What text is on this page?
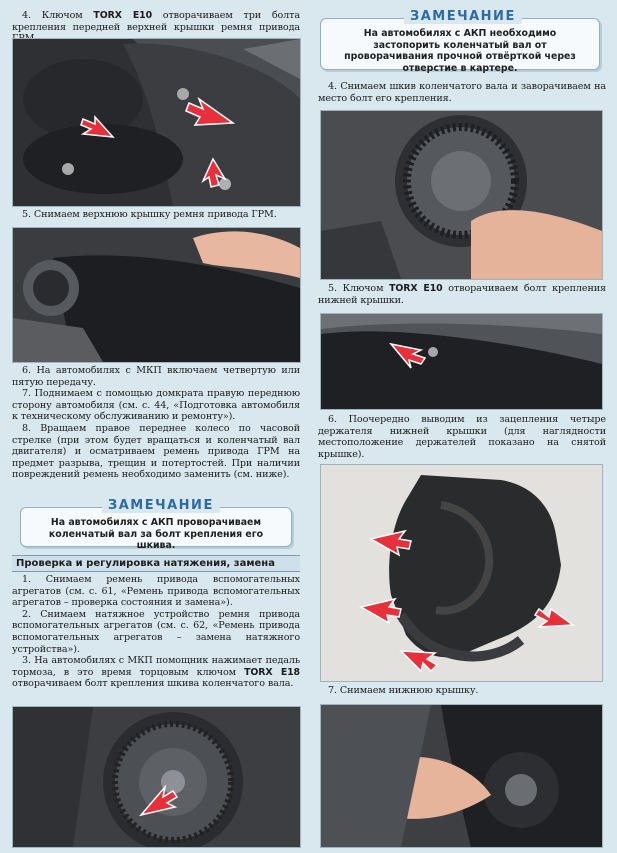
4. Ключом TORX E10 отворачиваем три болта крепления передней верхней крышки ремня привода

5. Снимаем верхнюю крышку ремня привода ГРМ.

6. На автомобилях с МКП включаем четвертую или пятую передачу.

7. Поднимаем с помощью домкрата правую переднюю сторону автомобиля (см. с. 44, «Подготовка автомобиля к техническому обслуживанию и ремонту»).

8. Вращаем правое переднее колесо по часовой стрелке (при этом будет вращаться и коленчатый вал двигателя) и осматриваем ремень привода ГРМ на предмет разрыва, трещин и потертостей. При наличии повреждений ремень необходимо заменить (см. ниже).

На автомобилях с АКП проворачиваем коленчатый вал за болт крепления его шкива.
ЗАМЕЧАНИЕ
Проверка и регулировка натяжения, замена

1. Снимаем ремень привода вспомогательных агрегатов (см. с. 61, «Ремень привода вспомогательных агрегатов – проверка состояния и замена»).

2. Снимаем натяжное устройство ремня привода вспомогательных агрегатов (см. с. 62, «Ремень привода вспомогательных агрегатов – замена натяжного устройства»).

3. На автомобилях с МКП помощник нажимает педаль тормоза, в это время торцовым ключом TORX E18 отворачиваем болт крепления шкива коленчатого вала.

На автомобилях с АКП необходимо застопорить коленчатый вал от проворачивания прочной отвёрткой через отверстие в картере.
ЗАМЕЧАНИЕ

4. Снимаем шкив коленчатого вала и заворачиваем на место болт его крепления.

5. Ключом TORX E10 отворачиваем болт крепления нижней крышки.

6. Поочередно выводим из зацепления четыре держателя нижней крышки (для наглядности местоположение держателей показано на снятой крышке).

7. Снимаем нижнюю крышку.
